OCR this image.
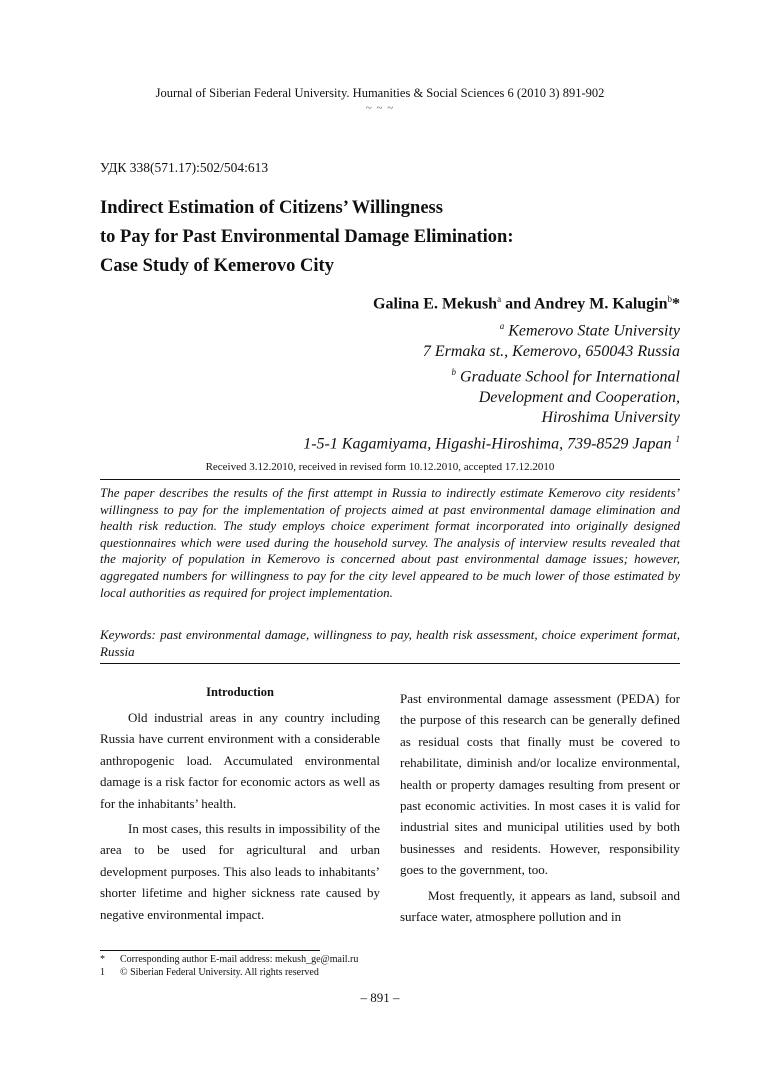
Journal of Siberian Federal University. Humanities & Social Sciences 6 (2010 3) 891-902
~ ~ ~
УДК 338(571.17):502/504:613
Indirect Estimation of Citizens’ Willingness
to Pay for Past Environmental Damage Elimination:
Case Study of Kemerovo City
Galina E. Mekush$^a$ and Andrey M. Kalugin$^b$*
$^a$ Kemerovo State University
7 Ermaka st., Kemerovo, 650043 Russia
$^b$ Graduate School for International
Development and Cooperation,
Hiroshima University
1-5-1 Kagamiyama, Higashi-Hiroshima, 739-8529 Japan $^1$
Received 3.12.2010, received in revised form 10.12.2010, accepted 17.12.2010
The paper describes the results of the first attempt in Russia to indirectly estimate Kemerovo city residents’ willingness to pay for the implementation of projects aimed at past environmental damage elimination and health risk reduction. The study employs choice experiment format incorporated into originally designed questionnaires which were used during the household survey. The analysis of interview results revealed that the majority of population in Kemerovo is concerned about past environmental damage issues; however, aggregated numbers for willingness to pay for the city level appeared to be much lower of those estimated by local authorities as required for project implementation.
Keywords: past environmental damage, willingness to pay, health risk assessment, choice experiment format, Russia
Introduction

Old industrial areas in any country including Russia have current environment with a considerable anthropogenic load. Accumulated environmental damage is a risk factor for economic actors as well as for the inhabitants’ health.

In most cases, this results in impossibility of the area to be used for agricultural and urban development purposes. This also leads to inhabitants’ shorter lifetime and higher sickness rate caused by negative environmental impact.

Past environmental damage assessment (PEDA) for the purpose of this research can be generally defined as residual costs that finally must be covered to rehabilitate, diminish and/or localize environmental, health or property damages resulting from present or past economic activities. In most cases it is valid for industrial sites and municipal utilities used by both businesses and residents. However, responsibility goes to the government, too.

Most frequently, it appears as land, subsoil and surface water, atmosphere pollution and in

* Corresponding author E-mail address: mekush_ge@mail.ru
1 © Siberian Federal University. All rights reserved
– 891 –
